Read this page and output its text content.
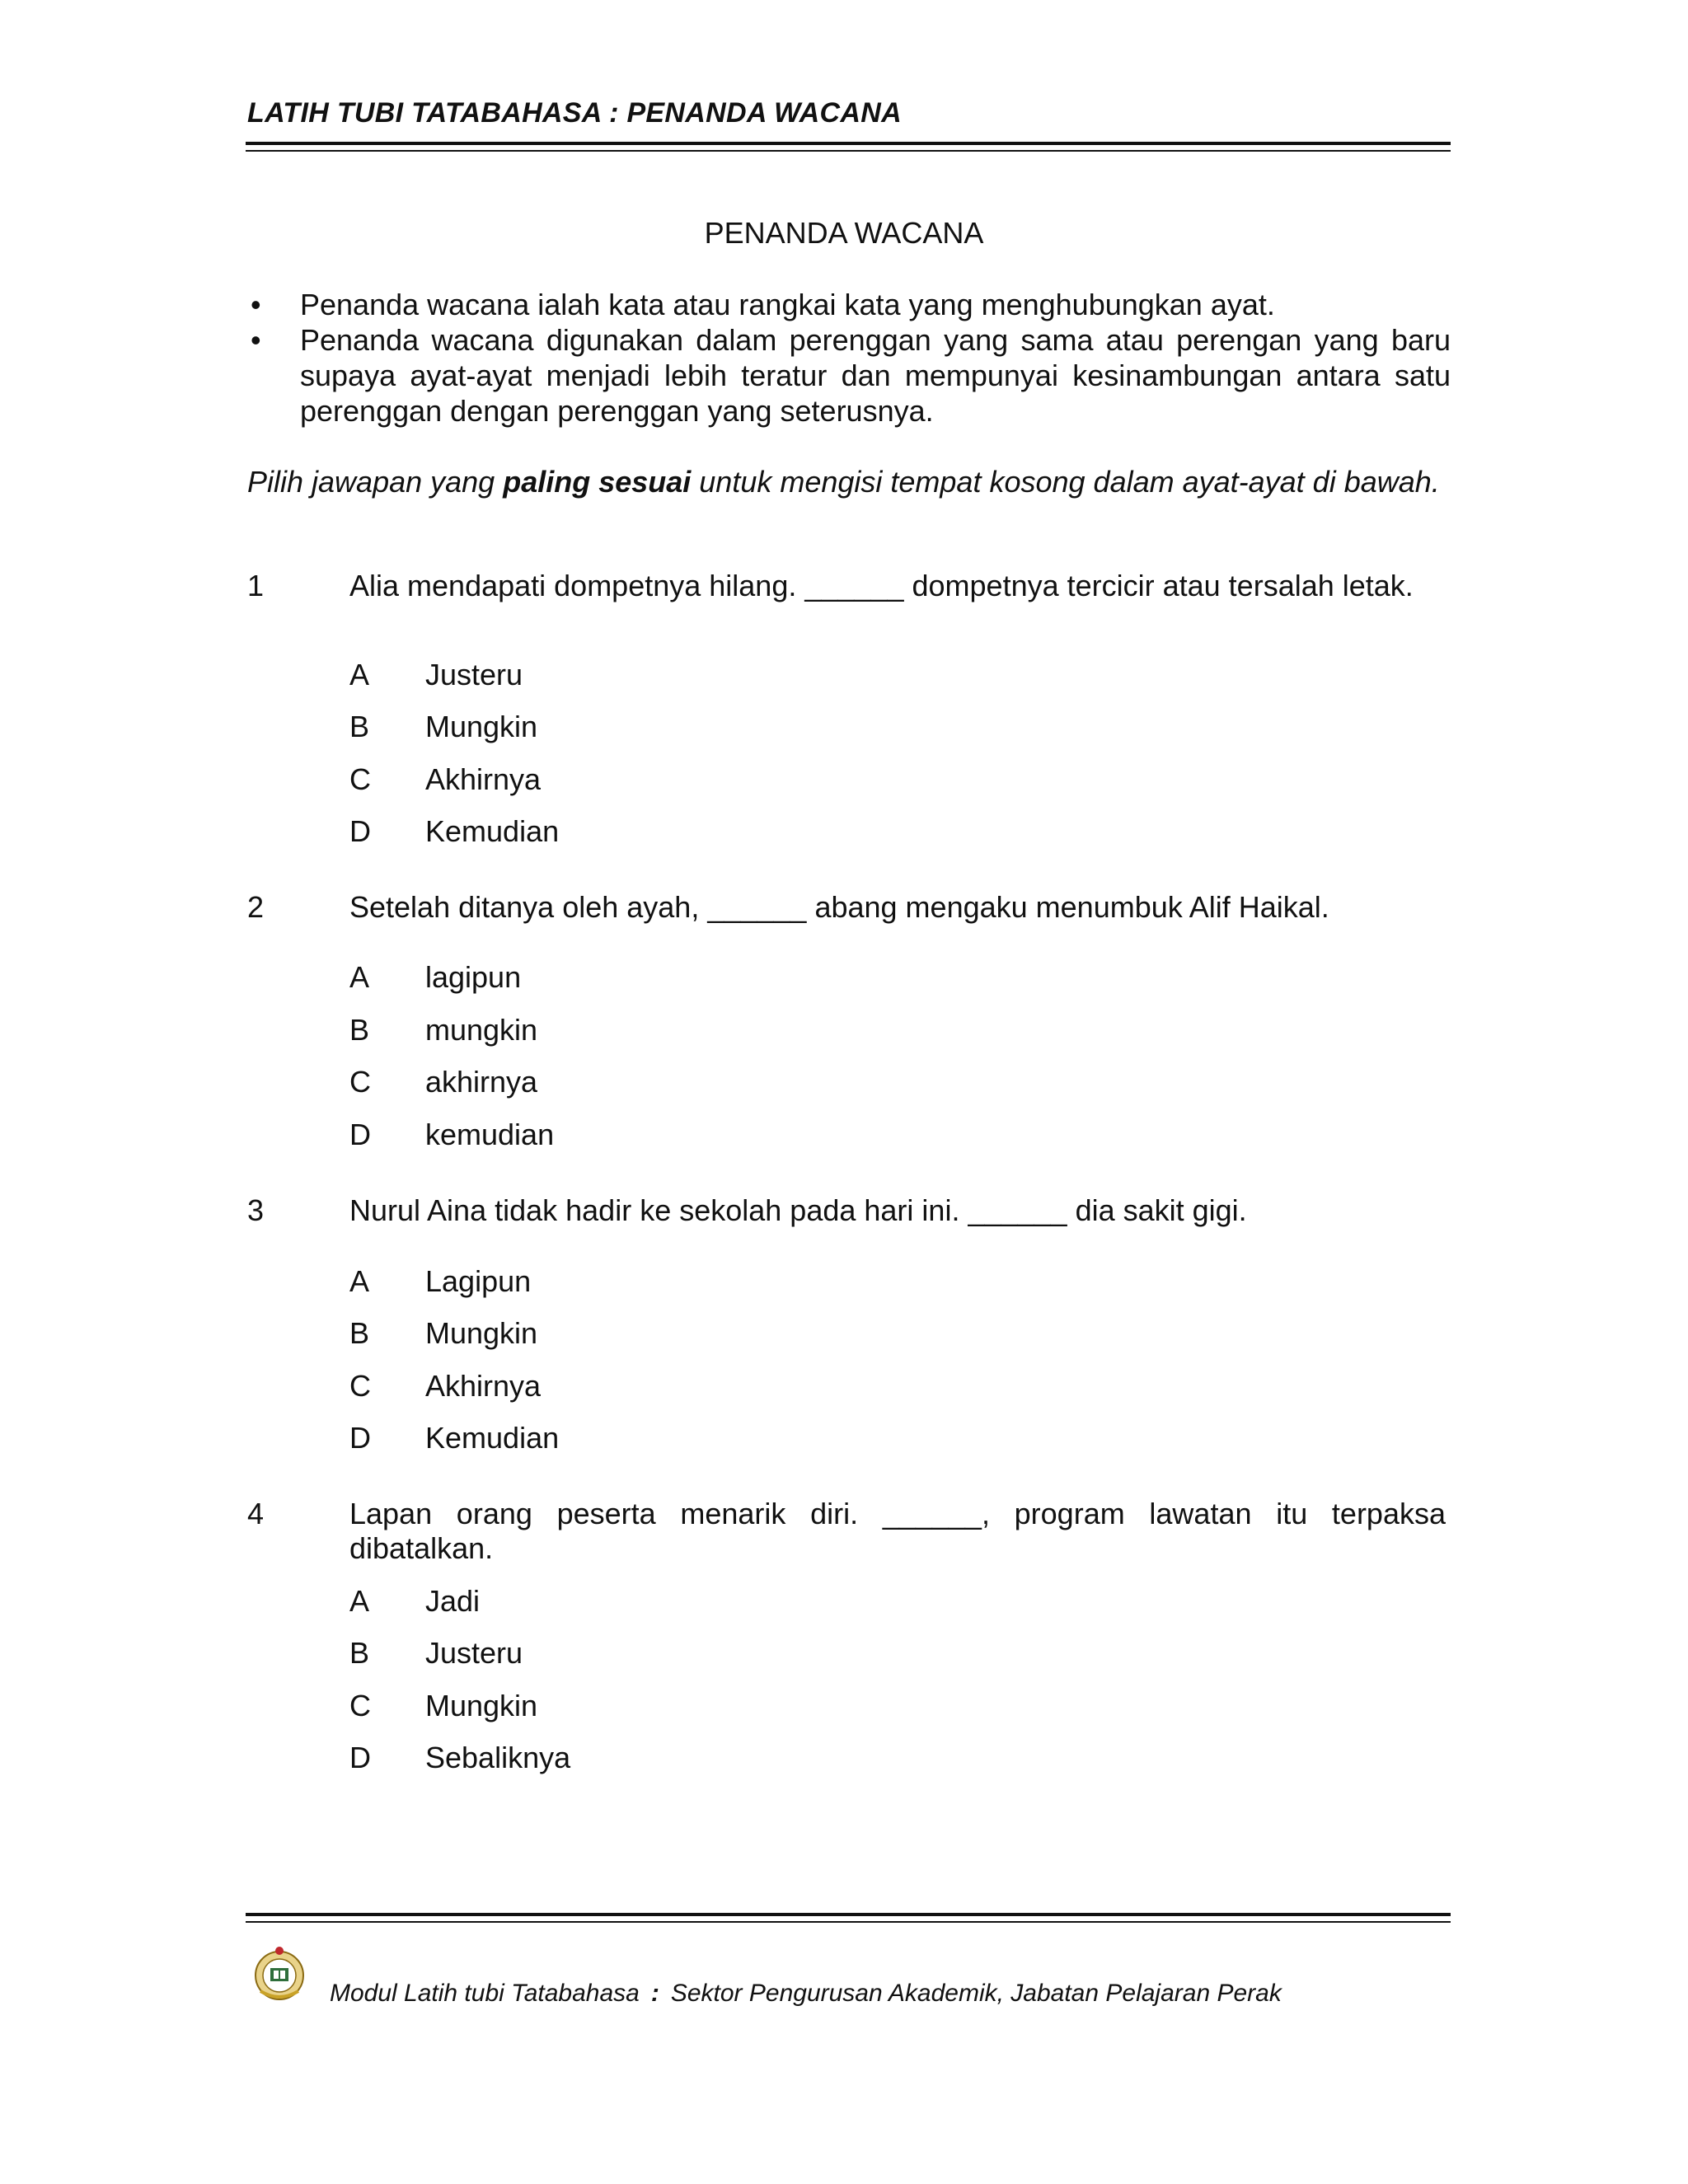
LATIH TUBI TATABAHASA : PENANDA WACANA
PENANDA WACANA
• Penanda wacana ialah kata atau rangkai kata yang menghubungkan ayat.
• Penanda wacana digunakan dalam perenggan yang sama atau perengan yang baru supaya ayat-ayat menjadi lebih teratur dan mempunyai kesinambungan antara satu perenggan dengan perenggan yang seterusnya.
Pilih jawapan yang paling sesuai untuk mengisi tempat kosong dalam ayat-ayat di bawah.
1	Alia mendapati dompetnya hilang. ______ dompetnya tercicir atau tersalah letak.
A Justeru
B Mungkin
C Akhirnya
D Kemudian
2	Setelah ditanya oleh ayah, ______ abang mengaku menumbuk Alif Haikal.
A lagipun
B mungkin
C akhirnya
D kemudian
3	Nurul Aina tidak hadir ke sekolah pada hari ini. ______ dia sakit gigi.
A Lagipun
B Mungkin
C Akhirnya
D Kemudian
4	Lapan orang peserta menarik diri. ______, program lawatan itu terpaksa dibatalkan.
A Jadi
B Justeru
C Mungkin
D Sebaliknya
Modul Latih tubi Tatabahasa : Sektor Pengurusan Akademik, Jabatan Pelajaran Perak
